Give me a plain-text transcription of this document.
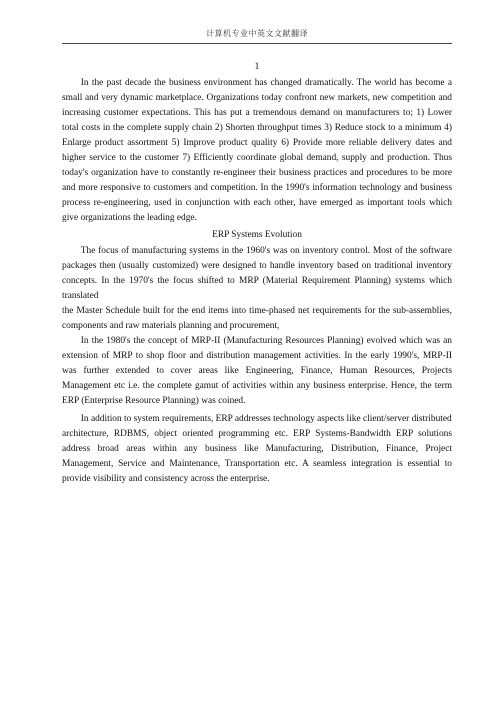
计算机专业中英文文献翻译
1

In the past decade the business environment has changed dramatically. The world has become a small and very dynamic marketplace. Organizations today confront new markets, new competition and increasing customer expectations. This has put a tremendous demand on manufacturers to; 1) Lower total costs in the complete supply chain 2) Shorten throughput times 3) Reduce stock to a minimum 4) Enlarge product assortment 5) Improve product quality 6) Provide more reliable delivery dates and higher service to the customer 7) Efficiently coordinate global demand, supply and production. Thus today's organization have to constantly re-engineer their business practices and procedures to be more and more responsive to customers and competition. In the 1990's information technology and business process re-engineering, used in conjunction with each other, have emerged as important tools which give organizations the leading edge.

ERP Systems Evolution

The focus of manufacturing systems in the 1960's was on inventory control. Most of the software packages then (usually customized) were designed to handle inventory based on traditional inventory concepts. In the 1970's the focus shifted to MRP (Material Requirement Planning) systems which translated

the Master Schedule built for the end items into time-phased net requirements for the sub-assemblies, components and raw materials planning and procurement,

In the 1980's the concept of MRP-II (Manufacturing Resources Planning) evolved which was an extension of MRP to shop floor and distribution management activities. In the early 1990's, MRP-II was further extended to cover areas like Engineering, Finance, Human Resources, Projects Management etc i.e. the complete gamut of activities within any business enterprise. Hence, the term ERP (Enterprise Resource Planning) was coined.

In addition to system requirements, ERP addresses technology aspects like client/server distributed

architecture, RDBMS, object oriented programming etc. ERP Systems-Bandwidth ERP solutions address broad areas within any business like Manufacturing, Distribution, Finance, Project Management, Service and Maintenance, Transportation etc. A seamless integration is essential to provide visibility and consistency across the enterprise.
